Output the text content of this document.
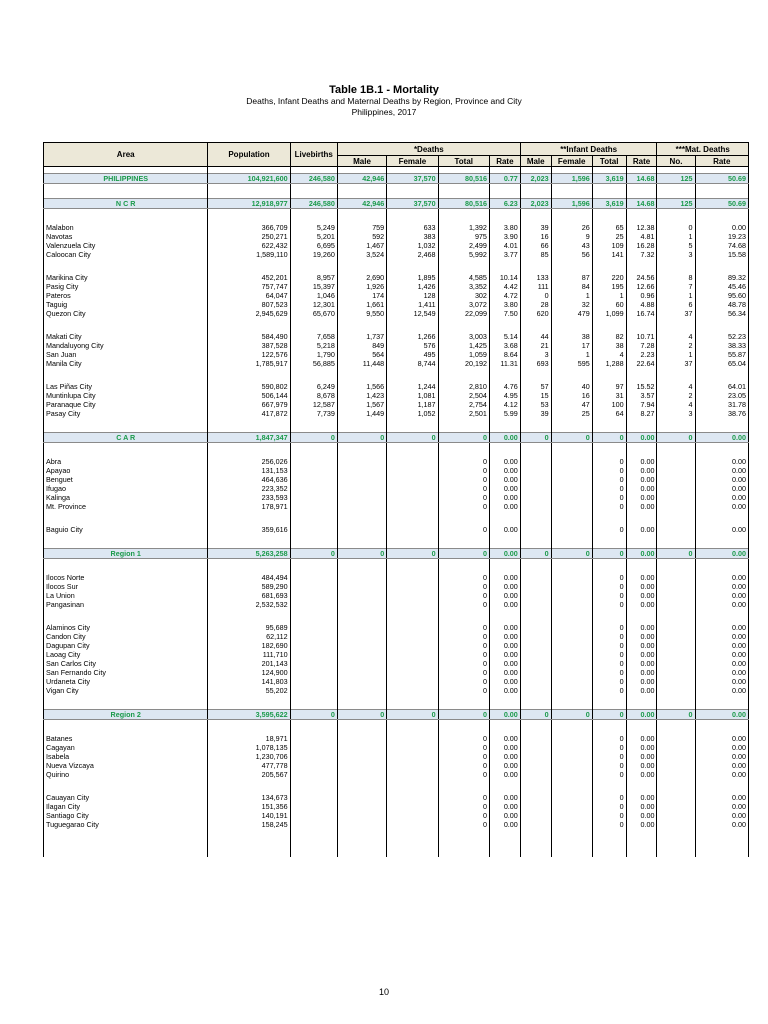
Table 1B.1 - Mortality
Deaths, Infant Deaths and Maternal Deaths by Region, Province and City
Philippines, 2017
Area	Population	Livebirths	*Deaths				**Infant Deaths				***Mat. Deaths	
			Male	Female	Total	Rate	Male	Female	Total	Rate	No.	Rate

PHILIPPINES	104,921,600	246,580	42,946	37,570	80,516	0.77	2,023	1,596	3,619	14.68	125	50.69

N C R	12,918,977	246,580	42,946	37,570	80,516	6.23	2,023	1,596	3,619	14.68	125	50.69

Malabon	366,709	5,249	759	633	1,392	3.80	39	26	65	12.38	0	0.00
Navotas	250,271	5,201	592	383	975	3.90	16	9	25	4.81	1	19.23
Valenzuela City	622,432	6,695	1,467	1,032	2,499	4.01	66	43	109	16.28	5	74.68
Caloocan City	1,589,110	19,260	3,524	2,468	5,992	3.77	85	56	141	7.32	3	15.58

Marikina City	452,201	8,957	2,690	1,895	4,585	10.14	133	87	220	24.56	8	89.32
Pasig City	757,747	15,397	1,926	1,426	3,352	4.42	111	84	195	12.66	7	45.46
Pateros	64,047	1,046	174	128	302	4.72	0	1	1	0.96	1	95.60
Taguig	807,523	12,301	1,661	1,411	3,072	3.80	28	32	60	4.88	6	48.78
Quezon City	2,945,629	65,670	9,550	12,549	22,099	7.50	620	479	1,099	16.74	37	56.34

Makati City	584,490	7,658	1,737	1,266	3,003	5.14	44	38	82	10.71	4	52.23
Mandaluyong City	387,528	5,218	849	576	1,425	3.68	21	17	38	7.28	2	38.33
San Juan	122,576	1,790	564	495	1,059	8.64	3	1	4	2.23	1	55.87
Manila City	1,785,917	56,885	11,448	8,744	20,192	11.31	693	595	1,288	22.64	37	65.04

Las Piñas City	590,802	6,249	1,566	1,244	2,810	4.76	57	40	97	15.52	4	64.01
Muntinlupa City	506,144	8,678	1,423	1,081	2,504	4.95	15	16	31	3.57	2	23.05
Paranaque City	667,979	12,587	1,567	1,187	2,754	4.12	53	47	100	7.94	4	31.78
Pasay City	417,872	7,739	1,449	1,052	2,501	5.99	39	25	64	8.27	3	38.76

C A R	1,847,347	0	0	0	0	0.00	0	0	0	0.00	0	0.00

Abra	256,026				0	0.00			0	0.00		0.00
Apayao	131,153				0	0.00			0	0.00		0.00
Benguet	464,636				0	0.00			0	0.00		0.00
Ifugao	223,352				0	0.00			0	0.00		0.00
Kalinga	233,593				0	0.00			0	0.00		0.00
Mt. Province	178,971				0	0.00			0	0.00		0.00

Baguio City	359,616				0	0.00			0	0.00		0.00

Region 1	5,263,258	0	0	0	0	0.00	0	0	0	0.00	0	0.00

Ilocos Norte	484,494				0	0.00			0	0.00		0.00
Ilocos Sur	589,290				0	0.00			0	0.00		0.00
La Union	681,693				0	0.00			0	0.00		0.00
Pangasinan	2,532,532				0	0.00			0	0.00		0.00

Alaminos City	95,689				0	0.00			0	0.00		0.00
Candon City	62,112				0	0.00			0	0.00		0.00
Dagupan City	182,690				0	0.00			0	0.00		0.00
Laoag City	111,710				0	0.00			0	0.00		0.00
San Carlos City	201,143				0	0.00			0	0.00		0.00
San Fernando City	124,900				0	0.00			0	0.00		0.00
Urdaneta City	141,803				0	0.00			0	0.00		0.00
Vigan City	55,202				0	0.00			0	0.00		0.00

Region 2	3,595,622	0	0	0	0	0.00	0	0	0	0.00	0	0.00

Batanes	18,971				0	0.00			0	0.00		0.00
Cagayan	1,078,135				0	0.00			0	0.00		0.00
Isabela	1,230,706				0	0.00			0	0.00		0.00
Nueva Vizcaya	477,778				0	0.00			0	0.00		0.00
Quirino	205,567				0	0.00			0	0.00		0.00

Cauayan City	134,673				0	0.00			0	0.00		0.00
Ilagan City	151,356				0	0.00			0	0.00		0.00
Santiago City	140,191				0	0.00			0	0.00		0.00
Tuguegarao City	158,245				0	0.00			0	0.00		0.00

10
